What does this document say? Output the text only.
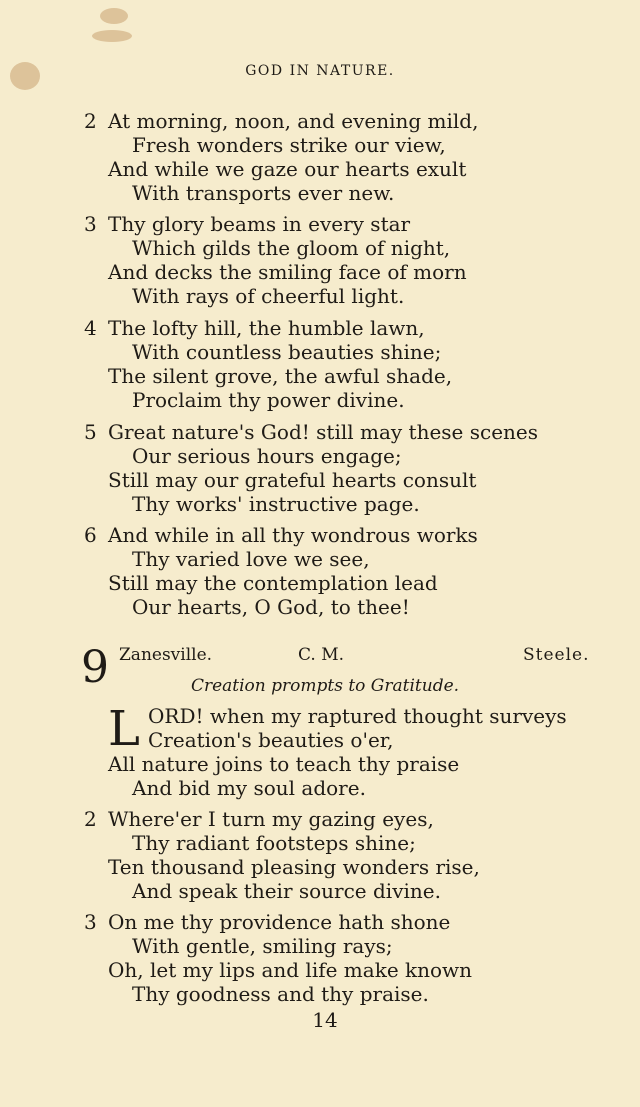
GOD IN NATURE.
2 At morning, noon, and evening mild,
Fresh wonders strike our view,
And while we gaze our hearts exult
With transports ever new.
3 Thy glory beams in every star
Which gilds the gloom of night,
And decks the smiling face of morn
With rays of cheerful light.
4 The lofty hill, the humble lawn,
With countless beauties shine;
The silent grove, the awful shade,
Proclaim thy power divine.
5 Great nature's God! still may these scenes
Our serious hours engage;
Still may our grateful hearts consult
Thy works' instructive page.
6 And while in all thy wondrous works
Thy varied love we see,
Still may the contemplation lead
Our hearts, O God, to thee!
9 Zanesville.	C. M.	Steele.
Creation prompts to Gratitude.
L ORD! when my raptured thought surveys
Creation's beauties o'er,
All nature joins to teach thy praise
And bid my soul adore.
2 Where'er I turn my gazing eyes,
Thy radiant footsteps shine;
Ten thousand pleasing wonders rise,
And speak their source divine.
3 On me thy providence hath shone
With gentle, smiling rays;
Oh, let my lips and life make known
Thy goodness and thy praise.
14
